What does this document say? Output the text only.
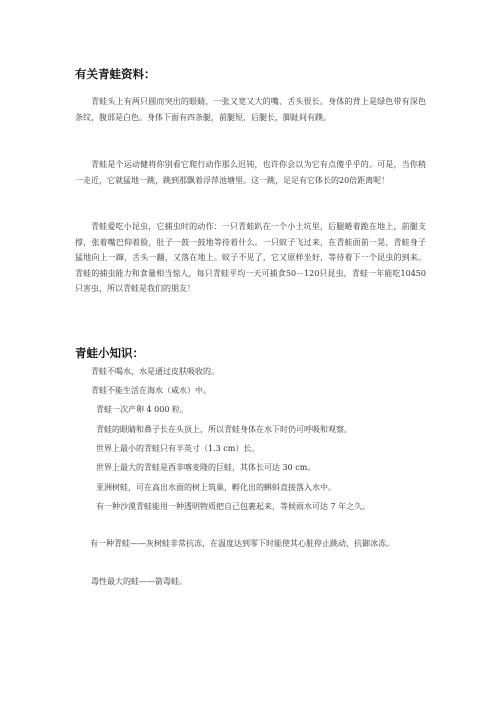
有关青蛙资料：

青蛙头上有两只圆而突出的眼睛，一张又宽又大的嘴、舌头很长。身体的背上是绿色带有深色条纹，腹部是白色。身体下面有四条腿，前腿短，后腿长，脚趾间有蹼。

青蛙是个运动健将你别看它爬行动作那么迟钝，也许你会以为它有点傻乎乎的。可是，当你稍一走近，它就猛地一跳，跳到那飘着浮萍池塘里。这一跳，足足有它体长的20倍距离呢！

青蛙爱吃小昆虫，它捕虫时的动作：一只青蛙趴在一个小土坑里，后腿蜷着跪在地上，前腿支撑，张着嘴巴仰着脸，肚子一鼓一鼓地等待着什么。一只蚊子飞过来，在青蛙面前一晃，青蛙身子猛地向上一蹿，舌头一翻，又落在地上。蚊子不见了，它又原样坐好，等待着下一个昆虫的到来。青蛙的捕虫能力和食量相当惊人，每只青蛙平均一天可捕食50－120只昆虫，青蛙一年能吃10450只害虫，所以青蛙是我们的朋友！

青蛙小知识：

青蛙不喝水，水是通过皮肤吸收的。

青蛙不能生活在海水（咸水）中。

青蛙一次产卵 4 000 粒。

青蛙的眼睛和鼻子长在头顶上，所以青蛙身体在水下时仍可呼吸和观察。

世界上最小的青蛙只有半英寸（1.3 cm）长。

世界上最大的青蛙是西非喀麦隆的巨蛙，其体长可达 30 cm。

亚洲树蛙，可在高出水面的树上筑巢，孵化出的蝌蚪直接落入水中。

有一种沙漠青蛙能用一种透明物质把自己包裹起来，等候雨水可达 7 年之久。

有一种青蛙——灰树蛙非常抗冻，在温度达到零下时能使其心脏停止跳动，抗御冰冻。

毒性最大的蛙——箭毒蛙。
